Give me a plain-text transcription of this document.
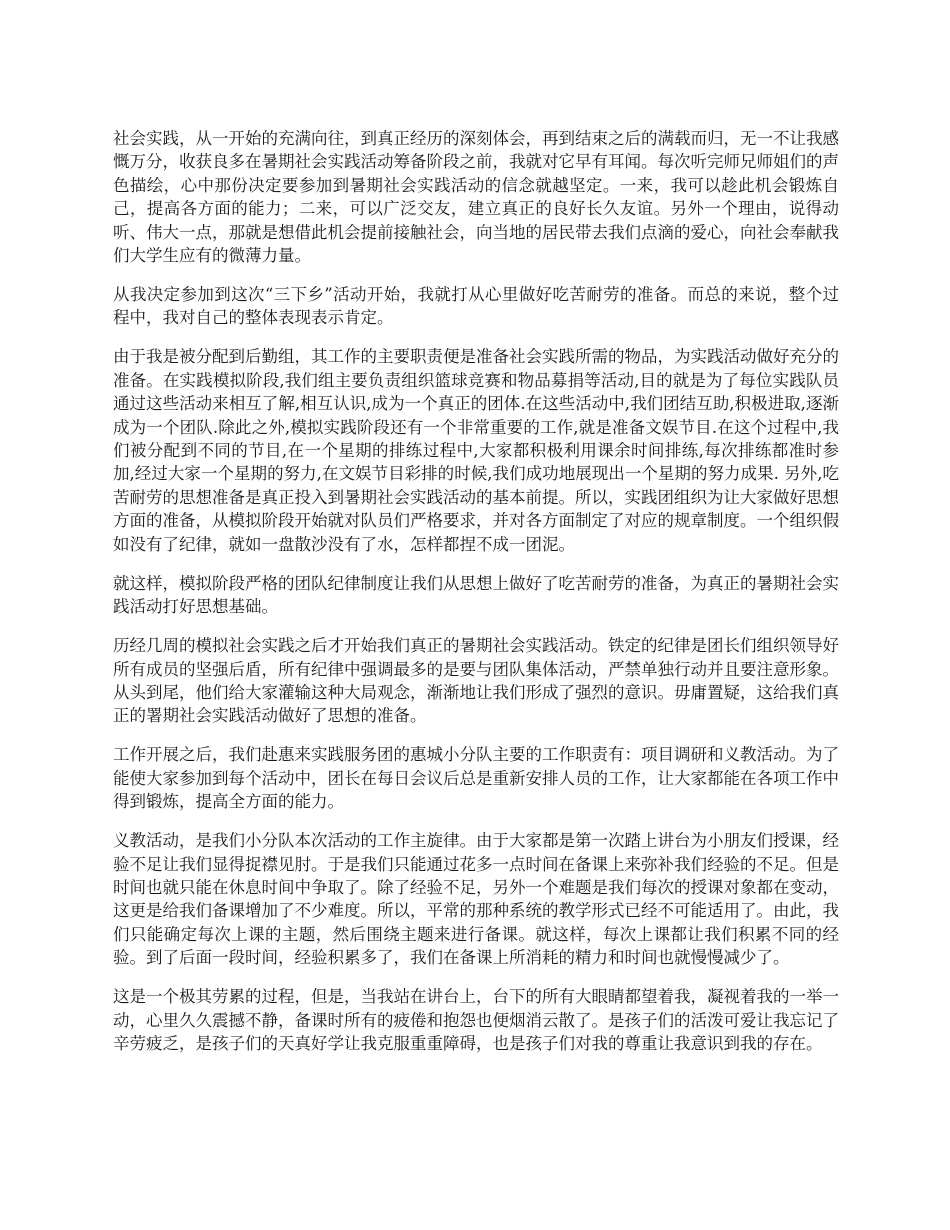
社会实践，从一开始的充满向往，到真正经历的深刻体会，再到结束之后的满载而归，无一不让我感慨万分，收获良多在暑期社会实践活动筹备阶段之前，我就对它早有耳闻。每次听完师兄师姐们的声色描绘，心中那份决定要参加到暑期社会实践活动的信念就越坚定。一来，我可以趁此机会锻炼自己，提高各方面的能力；二来，可以广泛交友，建立真正的良好长久友谊。另外一个理由，说得动听、伟大一点，那就是想借此机会提前接触社会，向当地的居民带去我们点滴的爱心，向社会奉献我们大学生应有的微薄力量。

从我决定参加到这次“三下乡”活动开始，我就打从心里做好吃苦耐劳的准备。而总的来说，整个过程中，我对自己的整体表现表示肯定。

由于我是被分配到后勤组，其工作的主要职责便是准备社会实践所需的物品，为实践活动做好充分的准备。在实践模拟阶段,我们组主要负责组织篮球竞赛和物品募捐等活动,目的就是为了每位实践队员通过这些活动来相互了解,相互认识,成为一个真正的团体.在这些活动中,我们团结互助,积极进取,逐渐成为一个团队.除此之外,模拟实践阶段还有一个非常重要的工作,就是准备文娱节目.在这个过程中,我们被分配到不同的节目,在一个星期的排练过程中,大家都积极利用课余时间排练,每次排练都准时参加,经过大家一个星期的努力,在文娱节目彩排的时候,我们成功地展现出一个星期的努力成果. 另外,吃苦耐劳的思想准备是真正投入到暑期社会实践活动的基本前提。所以，实践团组织为让大家做好思想方面的准备，从模拟阶段开始就对队员们严格要求，并对各方面制定了对应的规章制度。一个组织假如没有了纪律，就如一盘散沙没有了水，怎样都捏不成一团泥。

就这样，模拟阶段严格的团队纪律制度让我们从思想上做好了吃苦耐劳的准备，为真正的暑期社会实践活动打好思想基础。

历经几周的模拟社会实践之后才开始我们真正的暑期社会实践活动。铁定的纪律是团长们组织领导好所有成员的坚强后盾，所有纪律中强调最多的是要与团队集体活动，严禁单独行动并且要注意形象。从头到尾，他们给大家灌输这种大局观念，渐渐地让我们形成了强烈的意识。毋庸置疑，这给我们真正的署期社会实践活动做好了思想的准备。

工作开展之后，我们赴惠来实践服务团的惠城小分队主要的工作职责有：项目调研和义教活动。为了能使大家参加到每个活动中，团长在每日会议后总是重新安排人员的工作，让大家都能在各项工作中得到锻炼，提高全方面的能力。

义教活动，是我们小分队本次活动的工作主旋律。由于大家都是第一次踏上讲台为小朋友们授课，经验不足让我们显得捉襟见肘。于是我们只能通过花多一点时间在备课上来弥补我们经验的不足。但是时间也就只能在休息时间中争取了。除了经验不足，另外一个难题是我们每次的授课对象都在变动，这更是给我们备课增加了不少难度。所以，平常的那种系统的教学形式已经不可能适用了。由此，我们只能确定每次上课的主题，然后围绕主题来进行备课。就这样，每次上课都让我们积累不同的经验。到了后面一段时间，经验积累多了，我们在备课上所消耗的精力和时间也就慢慢减少了。

这是一个极其劳累的过程，但是，当我站在讲台上，台下的所有大眼睛都望着我，凝视着我的一举一动，心里久久震撼不静，备课时所有的疲倦和抱怨也便烟消云散了。是孩子们的活泼可爱让我忘记了辛劳疲乏，是孩子们的天真好学让我克服重重障碍，也是孩子们对我的尊重让我意识到我的存在。
